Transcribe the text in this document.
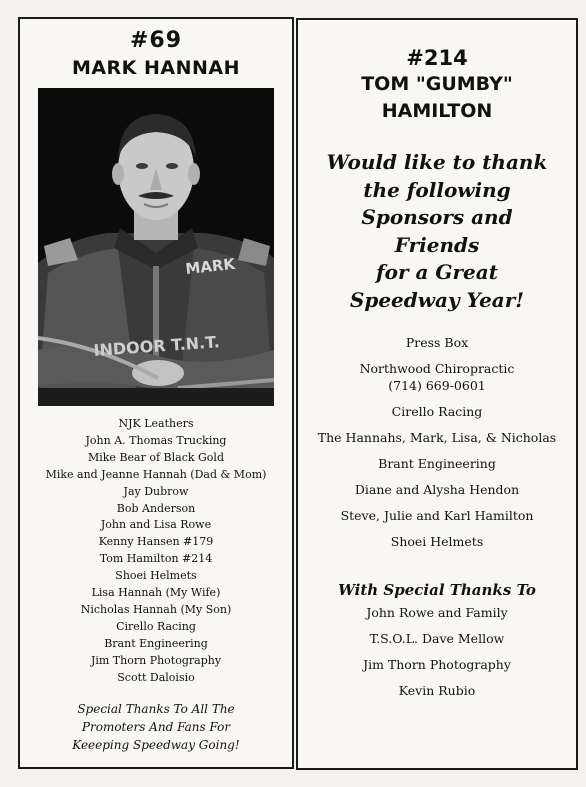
#69
MARK HANNAH
MARK
INDOOR T.N.T.
NJK Leathers
John A. Thomas Trucking
Mike Bear of Black Gold
Mike and Jeanne Hannah (Dad & Mom)
Jay Dubrow
Bob Anderson
John and Lisa Rowe
Kenny Hansen #179
Tom Hamilton #214
Shoei Helmets
Lisa Hannah (My Wife)
Nicholas Hannah (My Son)
Cirello Racing
Brant Engineering
Jim Thorn Photography
Scott Daloisio
Special Thanks To All The
Promoters And Fans For
Keeeping Speedway Going!
#214
TOM "GUMBY"
HAMILTON
Would like to thank
the following
Sponsors and
Friends
for a Great
Speedway Year!
Press Box
Northwood Chiropractic
(714) 669-0601
Cirello Racing
The Hannahs, Mark, Lisa, & Nicholas
Brant Engineering
Diane and Alysha Hendon
Steve, Julie and Karl Hamilton
Shoei Helmets
With Special Thanks To
John Rowe and Family
T.S.O.L. Dave Mellow
Jim Thorn Photography
Kevin Rubio
